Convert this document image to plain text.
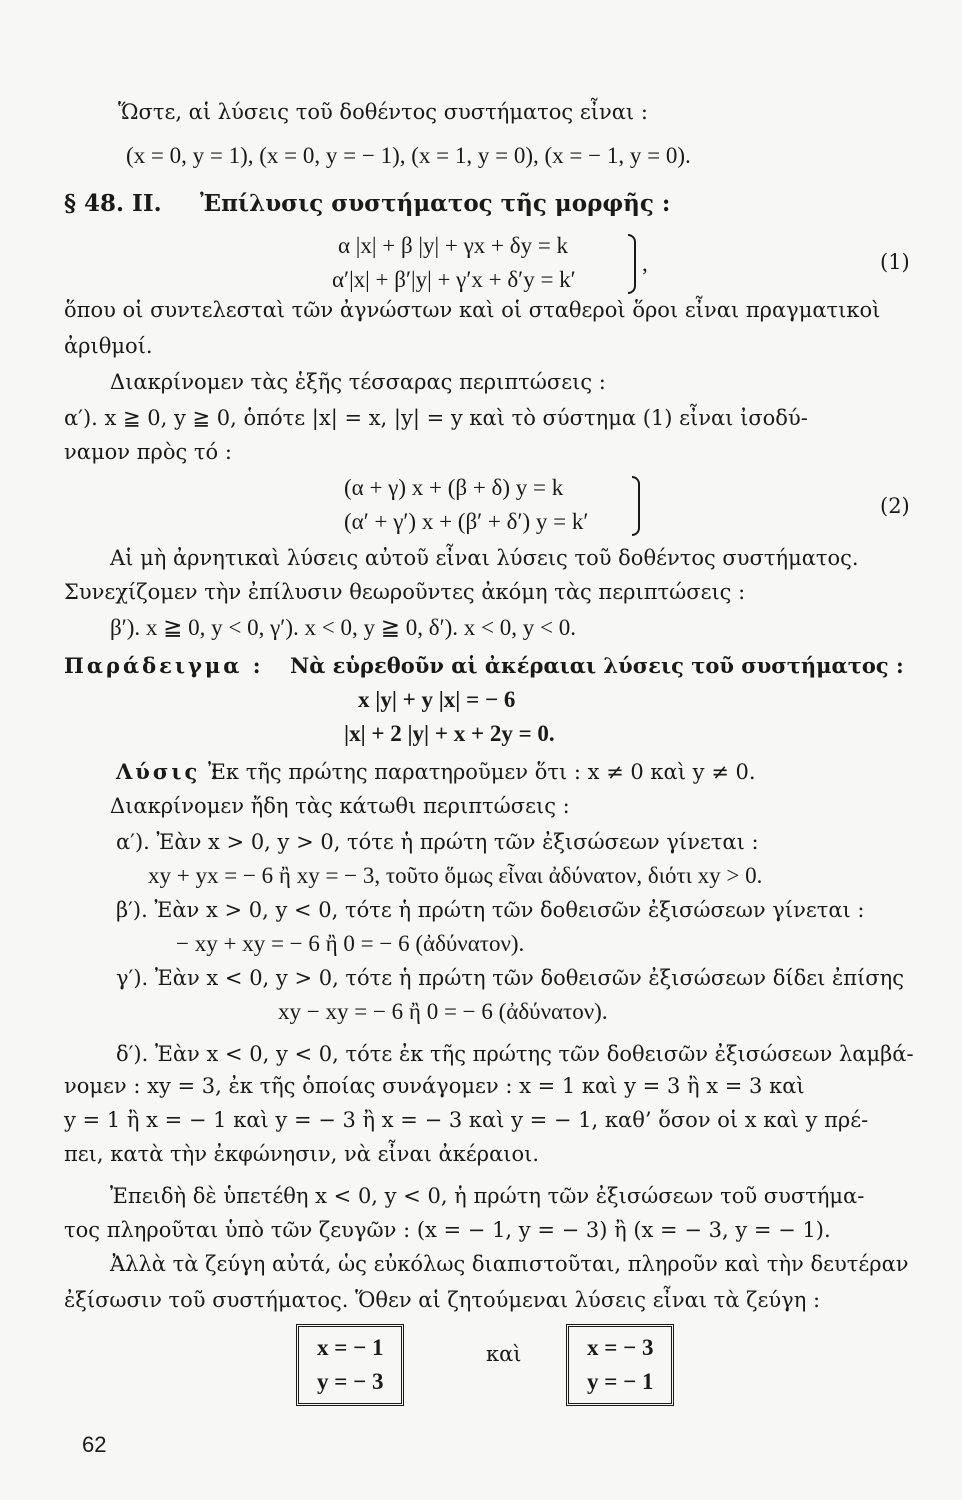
Ὥστε, αἱ λύσεις τοῦ δοθέντος συστήματος εἶναι :
(x = 0, y = 1), (x = 0, y = − 1), (x = 1, y = 0), (x = − 1, y = 0).
§ 48. ΙΙ. Ἐπίλυσις συστήματος τῆς μορφῆς :
α |x| + β |y| + γx + δy = k
α′|x| + β′|y| + γ′x + δ′y = k′
,	(1)
ὅπου οἱ συντελεσταὶ τῶν ἀγνώστων καὶ οἱ σταθεροὶ ὅροι εἶναι πραγματικοὶ
ἀριθμοί.
Διακρίνομεν τὰς ἑξῆς τέσσαρας περιπτώσεις :
α′). x ≧ 0, y ≧ 0, ὁπότε |x| = x, |y| = y καὶ τὸ σύστημα (1) εἶναι ἰσοδύ-
ναμον πρὸς τό :
(α + γ) x + (β + δ) y = k
(α′ + γ′) x + (β′ + δ′) y = k′
(2)
Αἱ μὴ ἀρνητικαὶ λύσεις αὐτοῦ εἶναι λύσεις τοῦ δοθέντος συστήματος.
Συνεχίζομεν τὴν ἐπίλυσιν θεωροῦντες ἀκόμη τὰς περιπτώσεις :
β′). x ≧ 0, y < 0, γ′). x < 0, y ≧ 0, δ′). x < 0, y < 0.
Παράδειγμα : Νὰ εὑρεθοῦν αἱ ἀκέραιαι λύσεις τοῦ συστήματος :
x |y| + y |x| = − 6
|x| + 2 |y| + x + 2y = 0.
Λύσις :
Ἐκ τῆς πρώτης παρατηροῦμεν ὅτι : x ≠ 0 καὶ y ≠ 0.
Διακρίνομεν ἤδη τὰς κάτωθι περιπτώσεις :
α′). Ἐὰν x > 0, y > 0, τότε ἡ πρώτη τῶν ἐξισώσεων γίνεται :
xy + yx = − 6 ἢ xy = − 3, τοῦτο ὅμως εἶναι ἀδύνατον, διότι xy > 0.
β′). Ἐὰν x > 0, y < 0, τότε ἡ πρώτη τῶν δοθεισῶν ἐξισώσεων γίνεται :
− xy + xy = − 6 ἢ 0 = − 6 (ἀδύνατον).
γ′). Ἐὰν x < 0, y > 0, τότε ἡ πρώτη τῶν δοθεισῶν ἐξισώσεων δίδει ἐπίσης
xy − xy = − 6 ἢ 0 = − 6 (ἀδύνατον).
δ′). Ἐὰν x < 0, y < 0, τότε ἐκ τῆς πρώτης τῶν δοθεισῶν ἐξισώσεων λαμβά-
νομεν : xy = 3, ἐκ τῆς ὁποίας συνάγομεν : x = 1 καὶ y = 3 ἢ x = 3 καὶ
y = 1 ἢ x = − 1 καὶ y = − 3 ἢ x = − 3 καὶ y = − 1, καθ’ ὅσον οἱ x καὶ y πρέ-
πει, κατὰ τὴν ἐκφώνησιν, νὰ εἶναι ἀκέραιοι.
Ἐπειδὴ δὲ ὑπετέθη x < 0, y < 0, ἡ πρώτη τῶν ἐξισώσεων τοῦ συστήμα-
τος πληροῦται ὑπὸ τῶν ζευγῶν : (x = − 1, y = − 3) ἢ (x = − 3, y = − 1).
Ἀλλὰ τὰ ζεύγη αὐτά, ὡς εὐκόλως διαπιστοῦται, πληροῦν καὶ τὴν δευτέραν
ἐξίσωσιν τοῦ συστήματος. Ὅθεν αἱ ζητούμεναι λύσεις εἶναι τὰ ζεύγη :
x = − 1
y = − 3
καὶ	x = − 3
y = − 1
62
